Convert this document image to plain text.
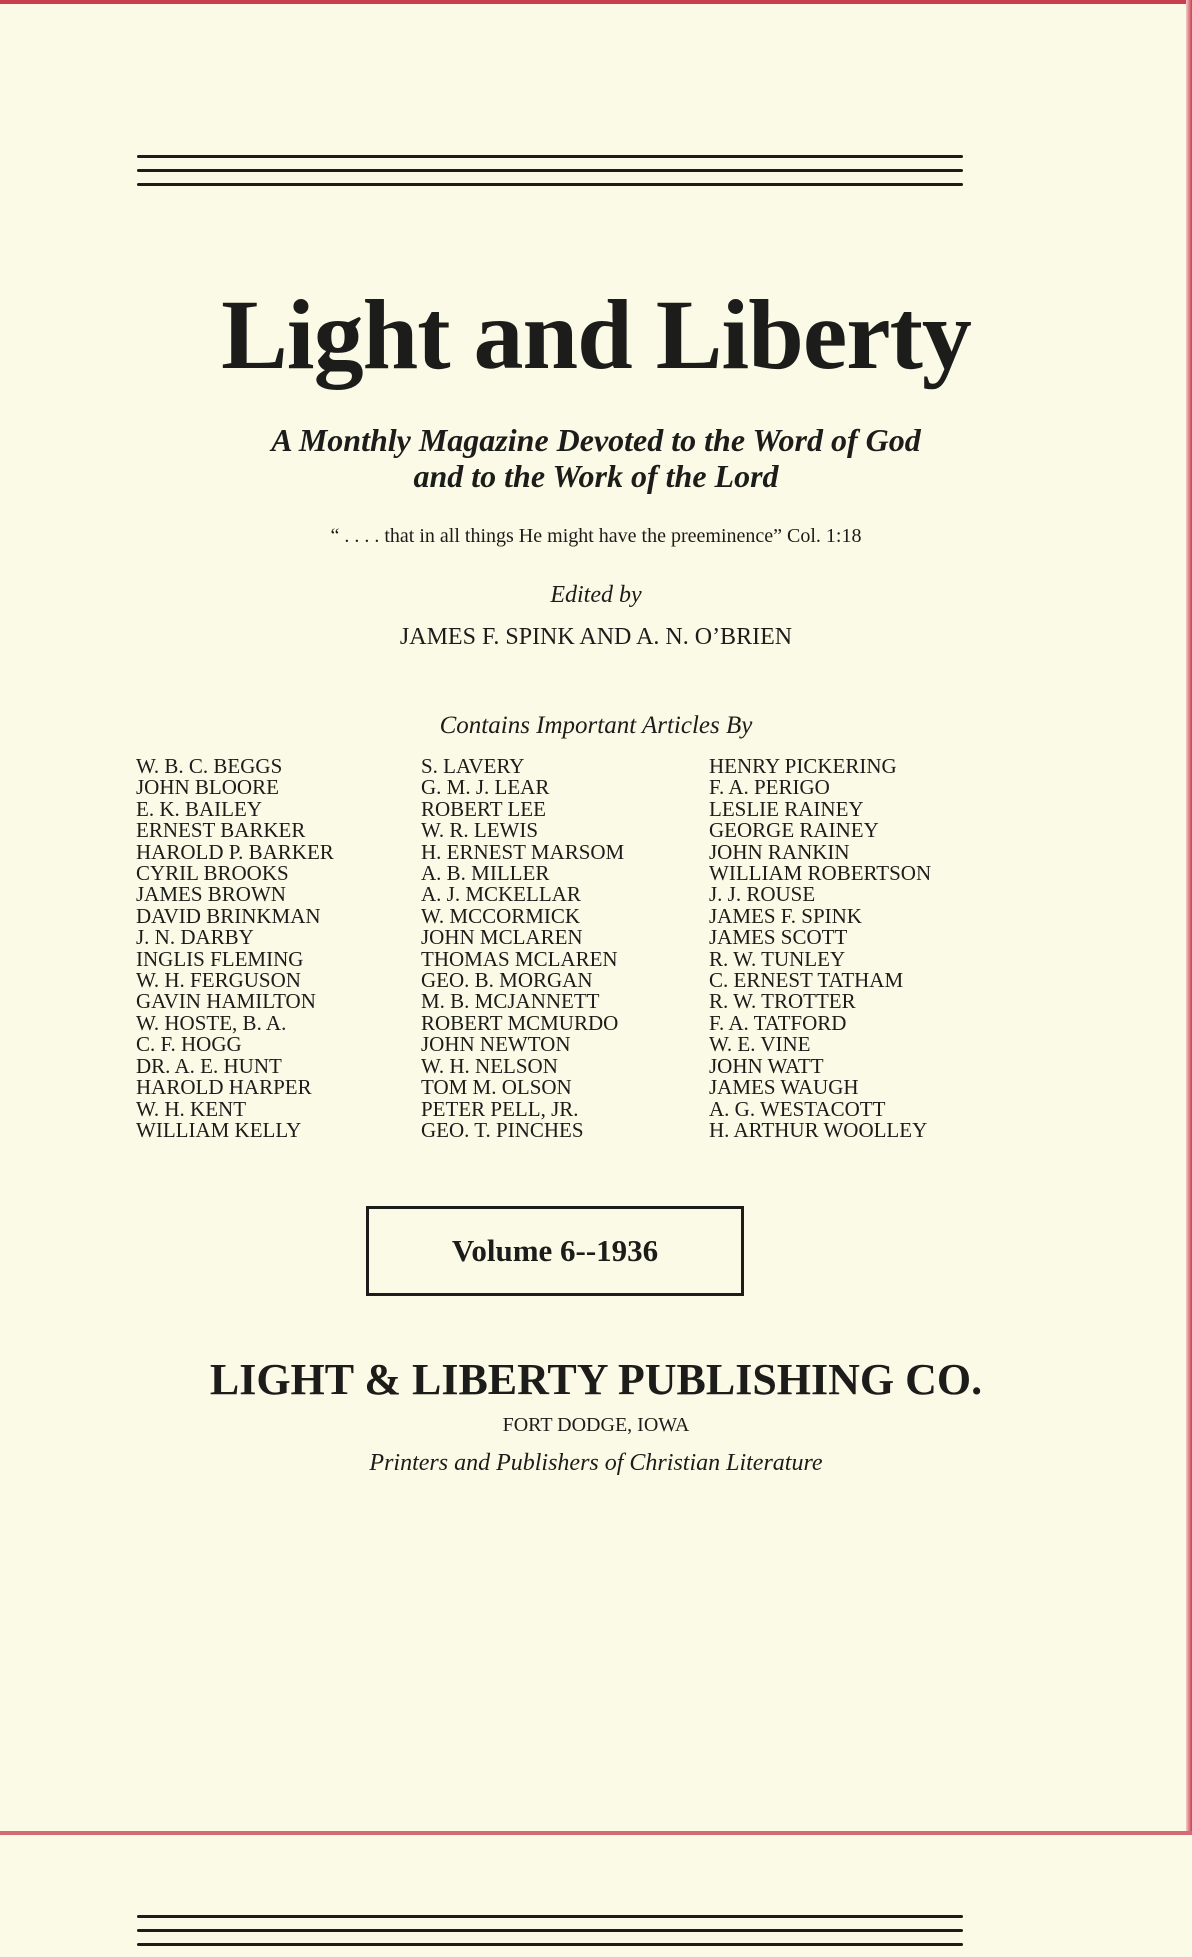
Light and Liberty
A Monthly Magazine Devoted to the Word of God
and to the Work of the Lord
“ . . . . that in all things He might have the preeminence” Col. 1:18
Edited by
JAMES F. SPINK AND A. N. O’BRIEN
Contains Important Articles By
W. B. C. BEGGS
JOHN BLOORE
E. K. BAILEY
ERNEST BARKER
HAROLD P. BARKER
CYRIL BROOKS
JAMES BROWN
DAVID BRINKMAN
J. N. DARBY
INGLIS FLEMING
W. H. FERGUSON
GAVIN HAMILTON
W. HOSTE, B. A.
C. F. HOGG
DR. A. E. HUNT
HAROLD HARPER
W. H. KENT
WILLIAM KELLY
S. LAVERY
G. M. J. LEAR
ROBERT LEE
W. R. LEWIS
H. ERNEST MARSOM
A. B. MILLER
A. J. MCKELLAR
W. MCCORMICK
JOHN MCLAREN
THOMAS MCLAREN
GEO. B. MORGAN
M. B. MCJANNETT
ROBERT MCMURDO
JOHN NEWTON
W. H. NELSON
TOM M. OLSON
PETER PELL, JR.
GEO. T. PINCHES
HENRY PICKERING
F. A. PERIGO
LESLIE RAINEY
GEORGE RAINEY
JOHN RANKIN
WILLIAM ROBERTSON
J. J. ROUSE
JAMES F. SPINK
JAMES SCOTT
R. W. TUNLEY
C. ERNEST TATHAM
R. W. TROTTER
F. A. TATFORD
W. E. VINE
JOHN WATT
JAMES WAUGH
A. G. WESTACOTT
H. ARTHUR WOOLLEY
Volume 6--1936
LIGHT & LIBERTY PUBLISHING CO.
FORT DODGE, IOWA
Printers and Publishers of Christian Literature
